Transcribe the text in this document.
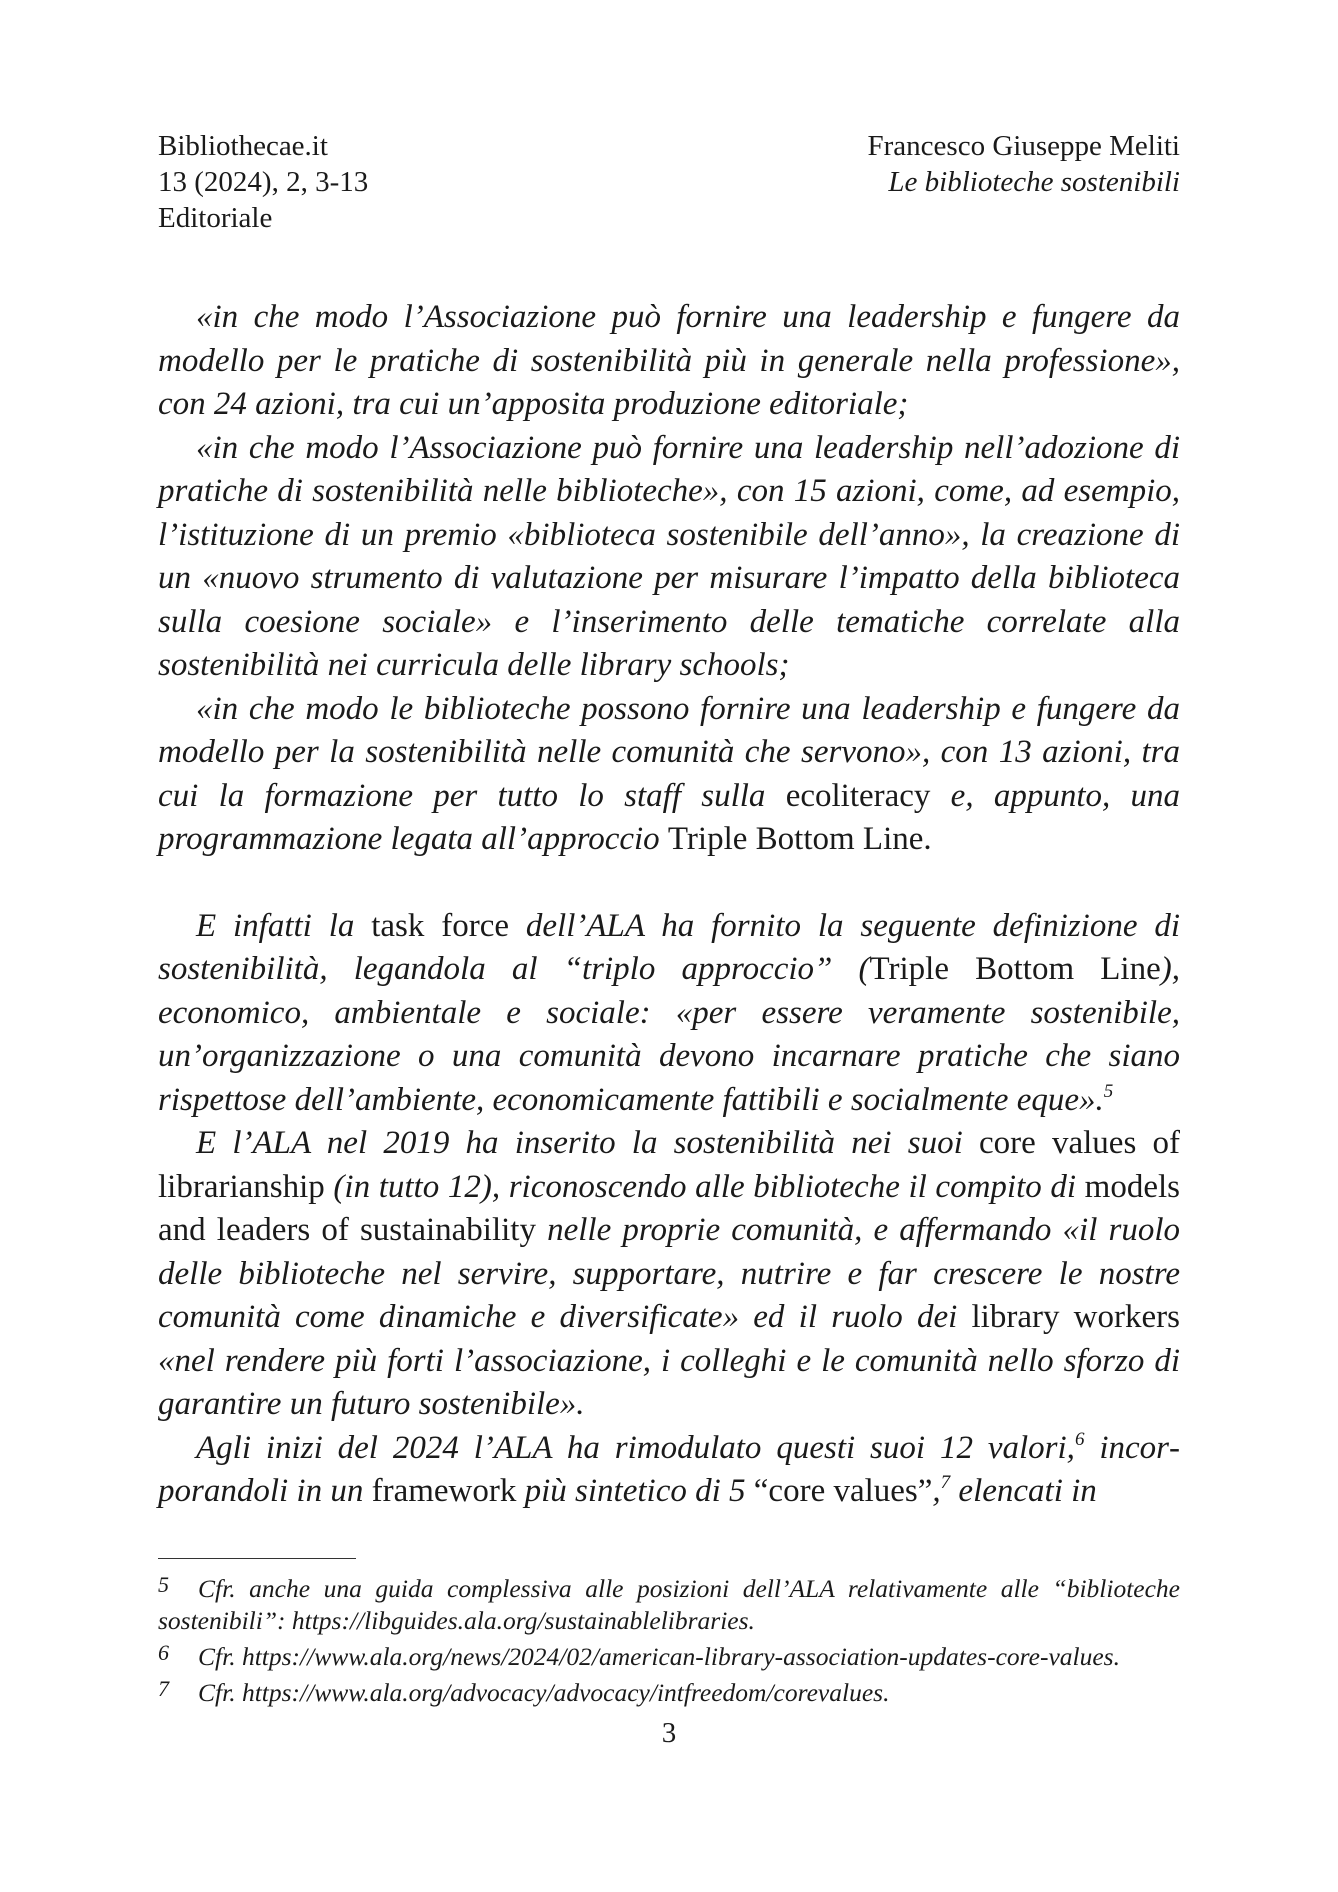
Bibliothecae.it
13 (2024), 2, 3-13
Editoriale
Francesco Giuseppe Meliti
Le biblioteche sostenibili

«in che modo l’Associazione può fornire una leadership e fungere da modello per le pratiche di sostenibilità più in generale nella professione», con 24 azioni, tra cui un’apposita produzione editoriale;

«in che modo l’Associazione può fornire una leadership nell’adozione di pratiche di sostenibilità nelle biblioteche», con 15 azioni, come, ad esempio, l’istituzione di un premio «biblioteca sostenibile dell’anno», la creazione di un «nuovo strumento di valutazione per misurare l’impatto della biblioteca sulla coesione sociale» e l’inserimento delle tematiche correlate alla sostenibilità nei curricula delle library schools;

«in che modo le biblioteche possono fornire una leadership e fungere da modello per la sostenibilità nelle comunità che servono», con 13 azioni, tra cui la formazione per tutto lo staff sulla ecoliteracy e, appunto, una programmazione legata all’approccio Triple Bottom Line.

E infatti la task force dell’ALA ha fornito la seguente definizione di sostenibilità, legandola al “triplo approccio” (Triple Bottom Line), economico, ambientale e sociale: «per essere veramente sostenibile, un’organizzazione o una comunità devono incarnare pratiche che siano rispettose dell’ambiente, economicamente fattibili e socialmente eque».$^5$

E l’ALA nel 2019 ha inserito la sostenibilità nei suoi core values of librarianship (in tutto 12), riconoscendo alle biblioteche il compito di models and leaders of sustainability nelle proprie comunità, e affermando «il ruolo delle biblioteche nel servire, supportare, nutrire e far crescere le nostre comunità come dinamiche e diversificate» ed il ruolo dei library workers «nel rendere più forti l’associazione, i colleghi e le comunità nello sforzo di garantire un futuro sostenibile».

Agli inizi del 2024 l’ALA ha rimodulato questi suoi 12 valori,$^6$ incorporandoli in un framework più sintetico di 5 “core values”,$^7$ elencati in

5 Cfr. anche una guida complessiva alle posizioni dell’ALA relativamente alle “biblioteche sostenibili”: https://libguides.ala.org/sustainablelibraries.

6 Cfr. https://www.ala.org/news/2024/02/american-library-association-updates-core-values.

7 Cfr. https://www.ala.org/advocacy/advocacy/intfreedom/corevalues.

3
